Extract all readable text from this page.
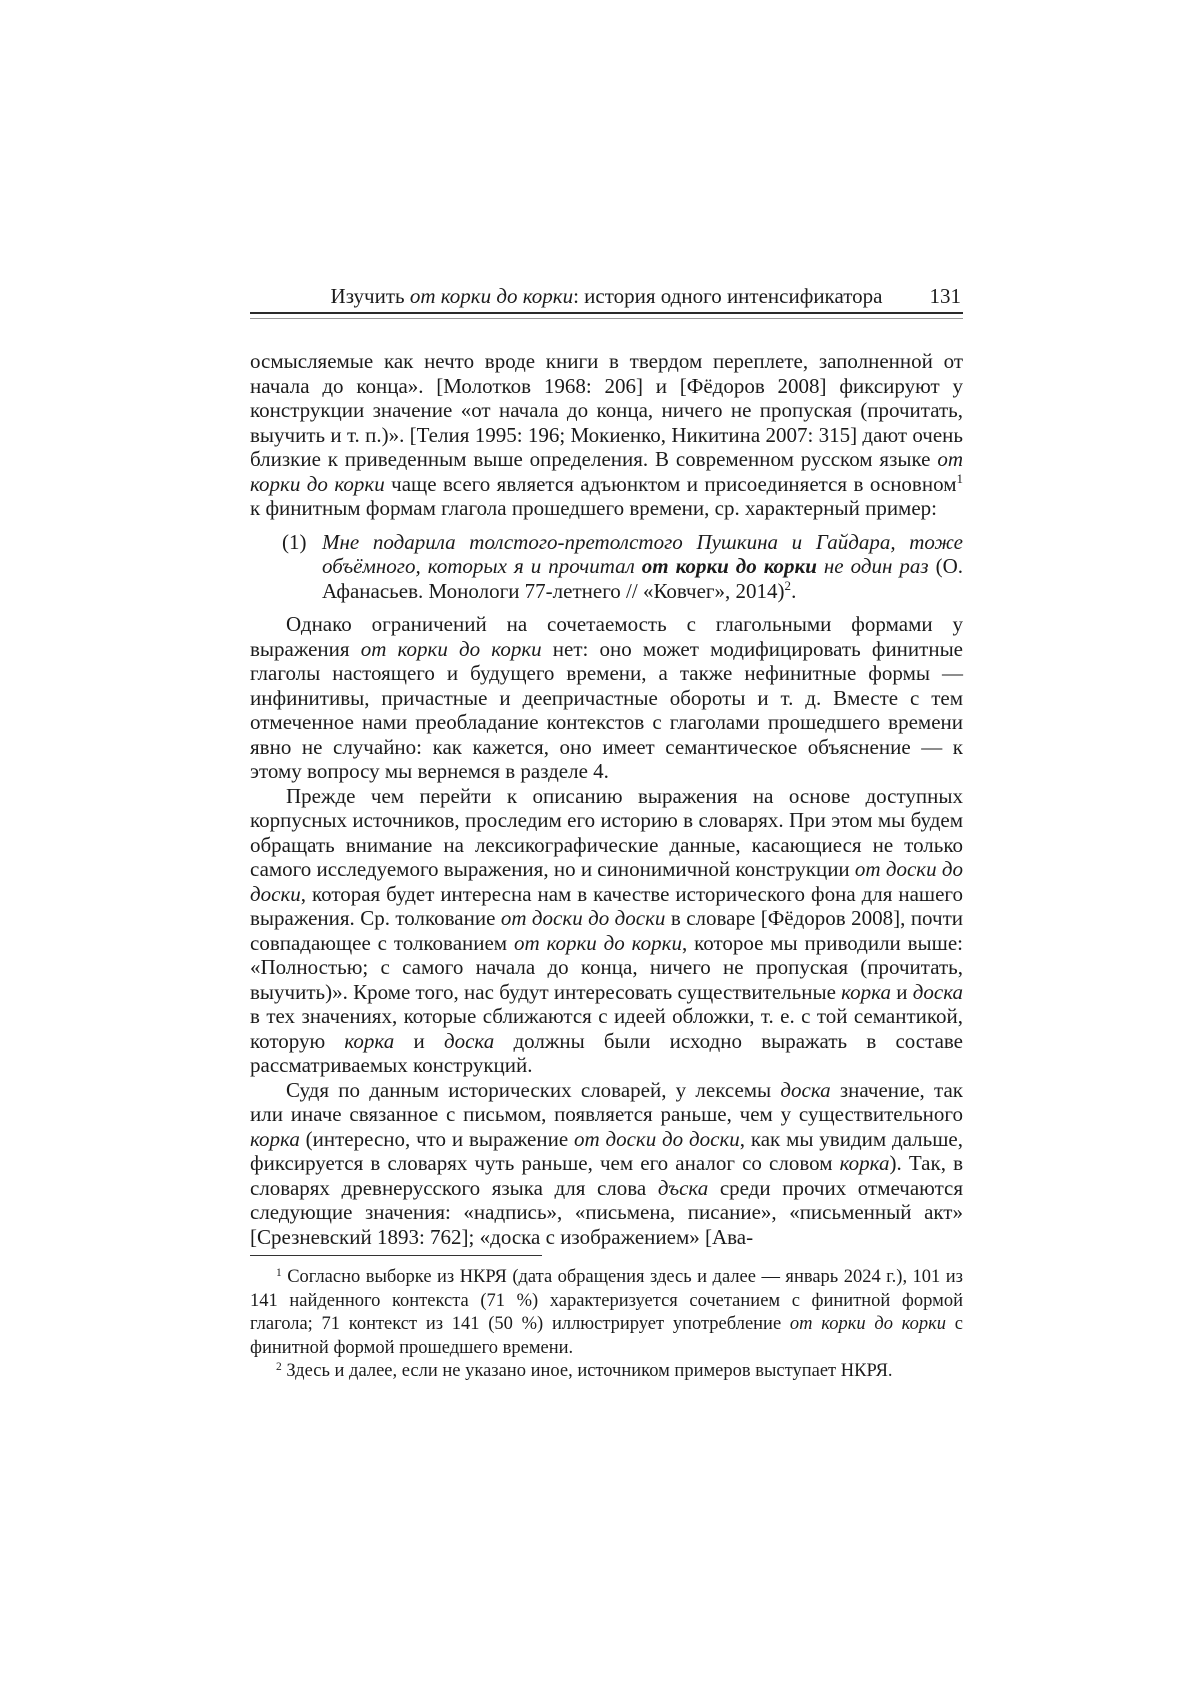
Изучить от корки до корки: история одного интенсификатора 131

осмысляемые как нечто вроде книги в твердом переплете, заполненной от начала до конца». [Молотков 1968: 206] и [Фёдоров 2008] фиксируют у конструкции значение «от начала до конца, ничего не пропуская (прочитать, выучить и т. п.)». [Телия 1995: 196; Мокиенко, Никитина 2007: 315] дают очень близкие к приведенным выше определения. В современном русском языке от корки до корки чаще всего является адъюнктом и присоединяется в основном$^1$ к финитным формам глагола прошедшего времени, ср. характерный пример:

(1) Мне подарила толстого-претолстого Пушкина и Гайдара, тоже объёмного, которых я и прочитал от корки до корки не один раз (О. Афанасьев. Монологи 77-летнего // «Ковчег», 2014)$^2$.

Однако ограничений на сочетаемость с глагольными формами у выражения от корки до корки нет: оно может модифицировать финитные глаголы настоящего и будущего времени, а также нефинитные формы — инфинитивы, причастные и деепричастные обороты и т. д. Вместе с тем отмеченное нами преобладание контекстов с глаголами прошедшего времени явно не случайно: как кажется, оно имеет семантическое объяснение — к этому вопросу мы вернемся в разделе 4.

Прежде чем перейти к описанию выражения на основе доступных корпусных источников, проследим его историю в словарях. При этом мы будем обращать внимание на лексикографические данные, касающиеся не только самого исследуемого выражения, но и синонимичной конструкции от доски до доски, которая будет интересна нам в качестве исторического фона для нашего выражения. Ср. толкование от доски до доски в словаре [Фёдоров 2008], почти совпадающее с толкованием от корки до корки, которое мы приводили выше: «Полностью; с самого начала до конца, ничего не пропуская (прочитать, выучить)». Кроме того, нас будут интересовать существительные корка и доска в тех значениях, которые сближаются с идеей обложки, т. е. с той семантикой, которую корка и доска должны были исходно выражать в составе рассматриваемых конструкций.

Судя по данным исторических словарей, у лексемы доска значение, так или иначе связанное с письмом, появляется раньше, чем у существительного корка (интересно, что и выражение от доски до доски, как мы увидим дальше, фиксируется в словарях чуть раньше, чем его аналог со словом корка). Так, в словарях древнерусского языка для слова дъска среди прочих отмечаются следующие значения: «надпись», «письмена, писание», «письменный акт» [Срезневский 1893: 762]; «доска с изображением» [Ава-

$^1$ Согласно выборке из НКРЯ (дата обращения здесь и далее — январь 2024 г.), 101 из 141 найденного контекста (71 %) характеризуется сочетанием с финитной формой глагола; 71 контекст из 141 (50 %) иллюстрирует употребление от корки до корки с финитной формой прошедшего времени.

$^2$ Здесь и далее, если не указано иное, источником примеров выступает НКРЯ.
